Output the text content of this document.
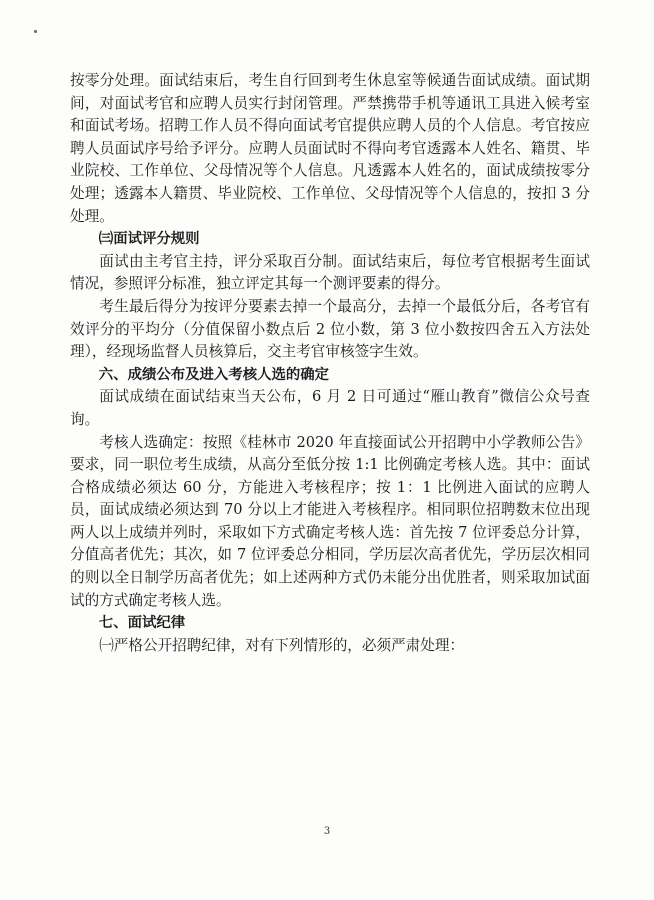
按零分处理。面试结束后，考生自行回到考生休息室等候通告面试成绩。面试期间，对面试考官和应聘人员实行封闭管理。严禁携带手机等通讯工具进入候考室和面试考场。招聘工作人员不得向面试考官提供应聘人员的个人信息。考官按应聘人员面试序号给予评分。应聘人员面试时不得向考官透露本人姓名、籍贯、毕业院校、工作单位、父母情况等个人信息。凡透露本人姓名的，面试成绩按零分处理；透露本人籍贯、毕业院校、工作单位、父母情况等个人信息的，按扣 3 分处理。

㈢面试评分规则

面试由主考官主持，评分采取百分制。面试结束后，每位考官根据考生面试情况，参照评分标准，独立评定其每一个测评要素的得分。

考生最后得分为按评分要素去掉一个最高分，去掉一个最低分后，各考官有效评分的平均分（分值保留小数点后 2 位小数，第 3 位小数按四舍五入方法处理），经现场监督人员核算后，交主考官审核签字生效。

六、成绩公布及进入考核人选的确定

面试成绩在面试结束当天公布，6 月 2 日可通过“雁山教育”微信公众号查询。

考核人选确定：按照《桂林市 2020 年直接面试公开招聘中小学教师公告》要求，同一职位考生成绩，从高分至低分按 1:1 比例确定考核人选。其中：面试合格成绩必须达 60 分，方能进入考核程序；按 1：1 比例进入面试的应聘人员，面试成绩必须达到 70 分以上才能进入考核程序。相同职位招聘数末位出现两人以上成绩并列时，采取如下方式确定考核人选：首先按 7 位评委总分计算，分值高者优先；其次，如 7 位评委总分相同，学历层次高者优先，学历层次相同的则以全日制学历高者优先；如上述两种方式仍未能分出优胜者，则采取加试面试的方式确定考核人选。

七、面试纪律

㈠严格公开招聘纪律，对有下列情形的，必须严肃处理：

3
